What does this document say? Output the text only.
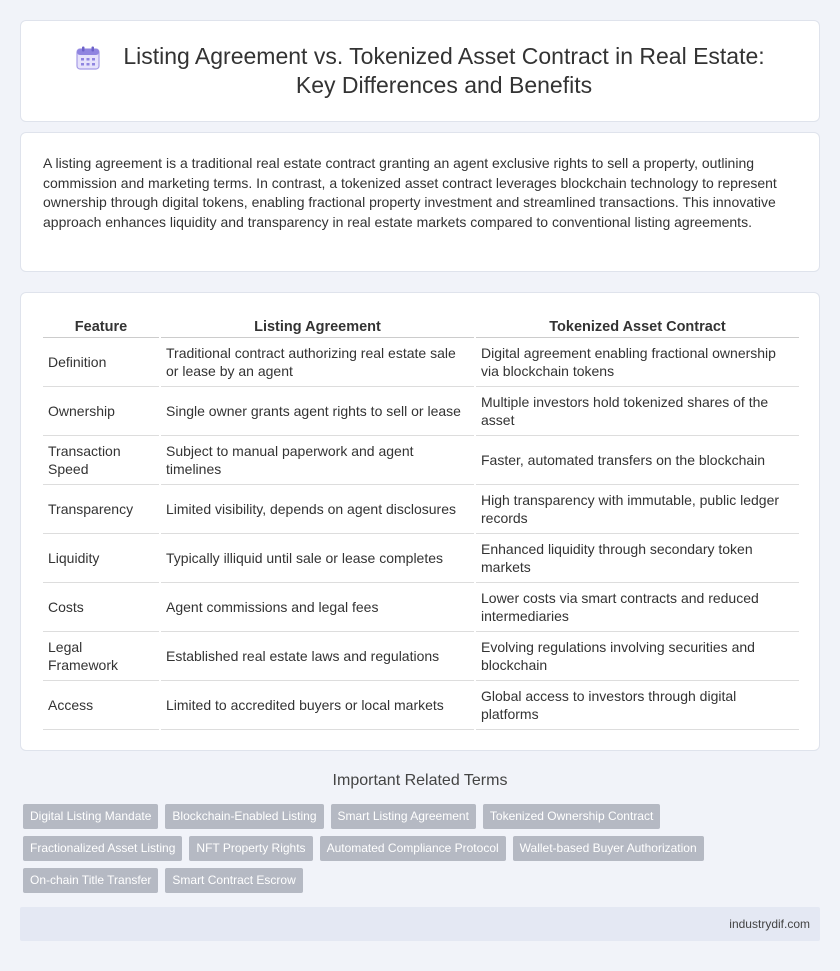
Listing Agreement vs. Tokenized Asset Contract in Real Estate:
Key Differences and Benefits

A listing agreement is a traditional real estate contract granting an agent exclusive rights to sell a property, outlining commission and marketing terms. In contrast, a tokenized asset contract leverages blockchain technology to represent ownership through digital tokens, enabling fractional property investment and streamlined transactions. This innovative approach enhances liquidity and transparency in real estate markets compared to conventional listing agreements.

Feature	Listing Agreement	Tokenized Asset Contract
Definition	Traditional contract authorizing real estate sale or lease by an agent	Digital agreement enabling fractional ownership via blockchain tokens
Ownership	Single owner grants agent rights to sell or lease	Multiple investors hold tokenized shares of the asset
Transaction Speed	Subject to manual paperwork and agent timelines	Faster, automated transfers on the blockchain
Transparency	Limited visibility, depends on agent disclosures	High transparency with immutable, public ledger records
Liquidity	Typically illiquid until sale or lease completes	Enhanced liquidity through secondary token markets
Costs	Agent commissions and legal fees	Lower costs via smart contracts and reduced intermediaries
Legal Framework	Established real estate laws and regulations	Evolving regulations involving securities and blockchain
Access	Limited to accredited buyers or local markets	Global access to investors through digital platforms
Important Related Terms
Digital Listing Mandate	Blockchain-Enabled Listing	Smart Listing Agreement	Tokenized Ownership Contract
Fractionalized Asset Listing	NFT Property Rights	Automated Compliance Protocol	Wallet-based Buyer Authorization
On-chain Title Transfer	Smart Contract Escrow
industrydif.com
